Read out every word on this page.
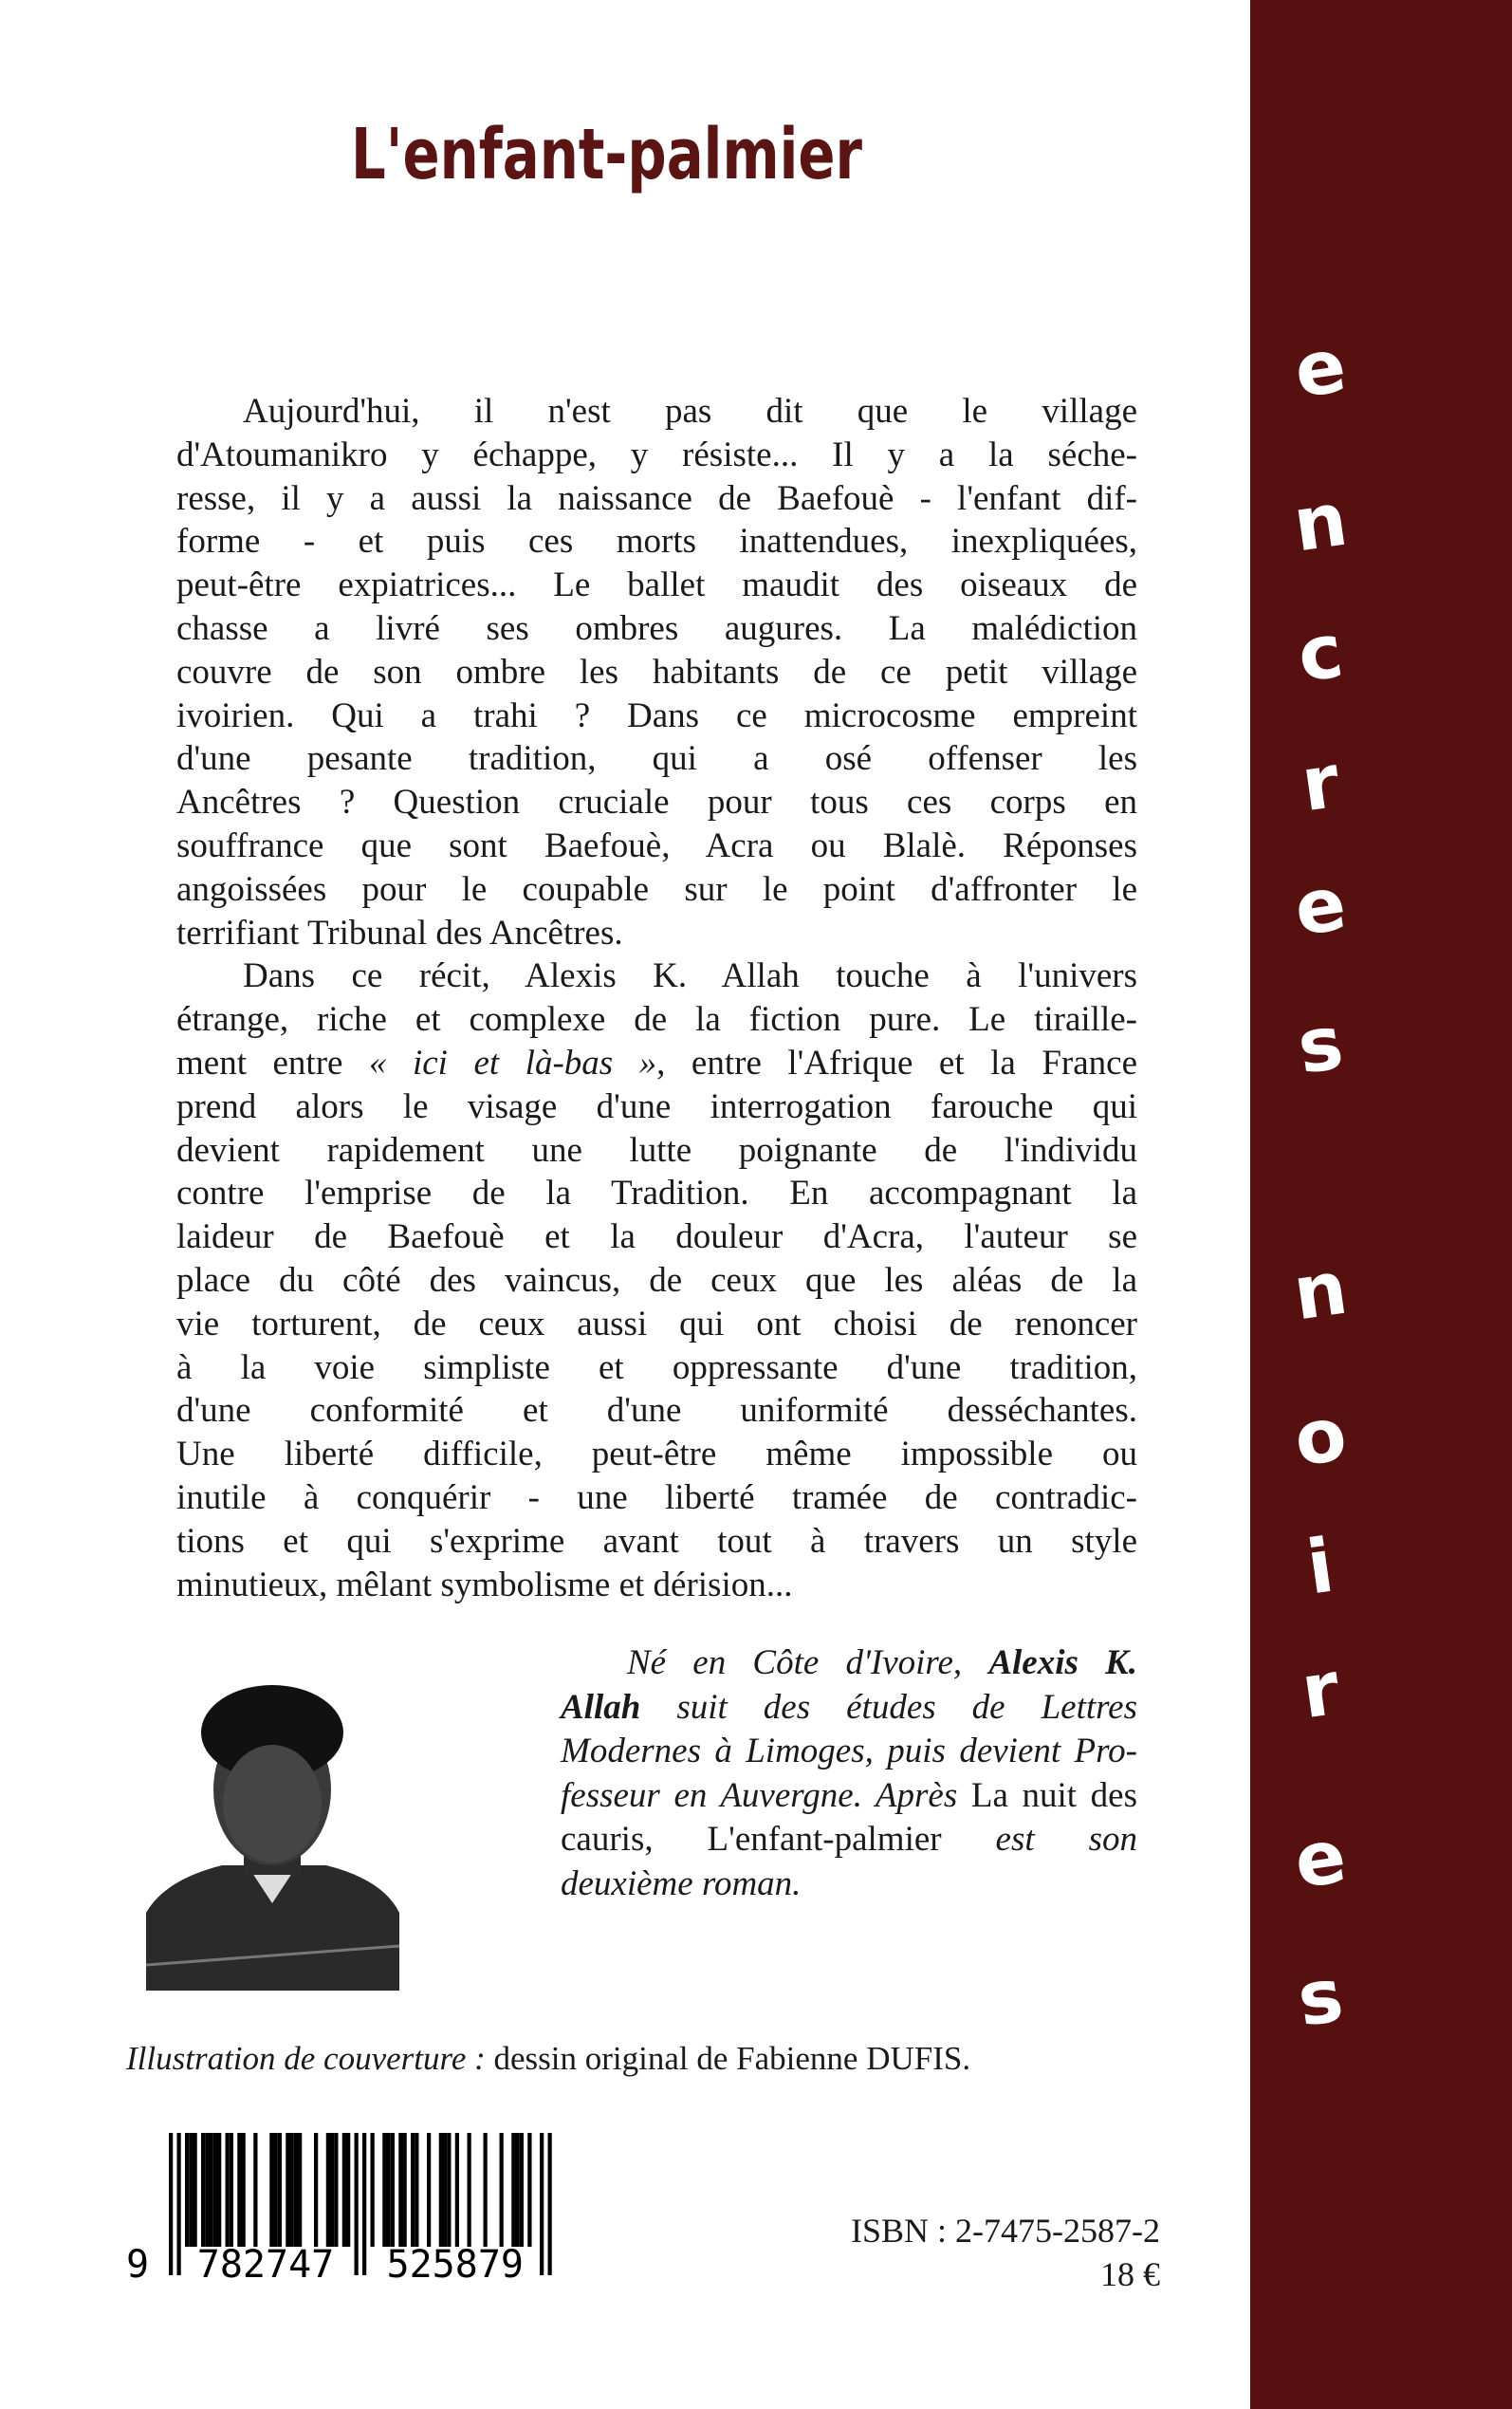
e
n
c
r
e
s
n
o
i
r
e
s
L'enfant-palmier
Aujourd'hui, il n'est pas dit que le village
d'Atoumanikro y échappe, y résiste... Il y a la séche-
resse, il y a aussi la naissance de Baefouè - l'enfant dif-
forme - et puis ces morts inattendues, inexpliquées,
peut-être expiatrices... Le ballet maudit des oiseaux de
chasse a livré ses ombres augures. La malédiction
couvre de son ombre les habitants de ce petit village
ivoirien. Qui a trahi ? Dans ce microcosme empreint
d'une pesante tradition, qui a osé offenser les
Ancêtres ? Question cruciale pour tous ces corps en
souffrance que sont Baefouè, Acra ou Blalè. Réponses
angoissées pour le coupable sur le point d'affronter le
terrifiant Tribunal des Ancêtres.
Dans ce récit, Alexis K. Allah touche à l'univers
étrange, riche et complexe de la fiction pure. Le tiraille-
ment entre « ici et là-bas », entre l'Afrique et la France
prend alors le visage d'une interrogation farouche qui
devient rapidement une lutte poignante de l'individu
contre l'emprise de la Tradition. En accompagnant la
laideur de Baefouè et la douleur d'Acra, l'auteur se
place du côté des vaincus, de ceux que les aléas de la
vie torturent, de ceux aussi qui ont choisi de renoncer
à la voie simpliste et oppressante d'une tradition,
d'une conformité et d'une uniformité desséchantes.
Une liberté difficile, peut-être même impossible ou
inutile à conquérir - une liberté tramée de contradic-
tions et qui s'exprime avant tout à travers un style
minutieux, mêlant symbolisme et dérision...
Né en Côte d'Ivoire, Alexis K.
Allah suit des études de Lettres
Modernes à Limoges, puis devient Pro-
fesseur en Auvergne. Après La nuit des
cauris, L'enfant-palmier est son
deuxième roman.
Illustration de couverture : dessin original de Fabienne DUFIS.
9 782747 525879
ISBN : 2-7475-2587-2
18 €
